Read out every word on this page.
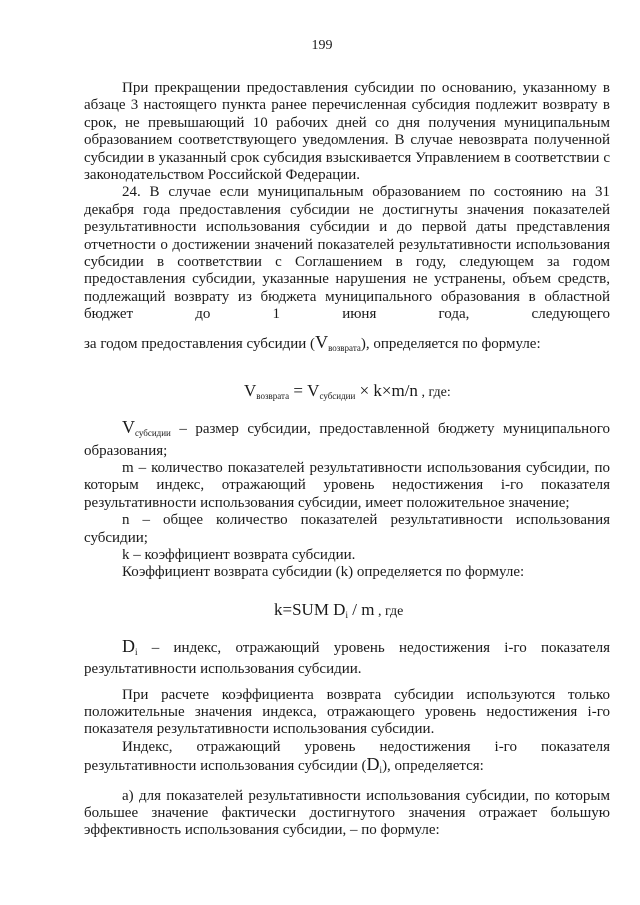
199

При прекращении предоставления субсидии по основанию, указанному в абзаце 3 настоящего пункта ранее перечисленная субсидия подлежит возврату в срок, не превышающий 10 рабочих дней со дня получения муниципальным образованием соответствующего уведомления. В случае невозврата полученной субсидии в указанный срок субсидия взыскивается Управлением в соответствии с законодательством Российской Федерации.

24. В случае если муниципальным образованием по состоянию на 31 декабря года предоставления субсидии не достигнуты значения показателей результативности использования субсидии и до первой даты представления отчетности о достижении значений показателей результативности использования субсидии в соответствии с Соглашением в году, следующем за годом предоставления субсидии, указанные нарушения не устранены, объем средств, подлежащий возврату из бюджета муниципального образования в областной бюджет до 1 июня года, следующего

за годом предоставления субсидии $(V_{возврата})$, определяется по формуле:

$V_{возврата} = V_{субсидии} \times k\times m/n$ , где:

$V_{субсидии}$ – размер субсидии, предоставленной бюджету муниципального образования;

m – количество показателей результативности использования субсидии, по которым индекс, отражающий уровень недостижения i-го показателя результативности использования субсидии, имеет положительное значение;

n – общее количество показателей результативности использования субсидии;

k – коэффициент возврата субсидии.

Коэффициент возврата субсидии (k) определяется по формуле:

k=SUM $D_i$ / m , где

$D_i$ – индекс, отражающий уровень недостижения i-го показателя результативности использования субсидии.

При расчете коэффициента возврата субсидии используются только положительные значения индекса, отражающего уровень недостижения i-го показателя результативности использования субсидии.

Индекс, отражающий уровень недостижения i-го показателя результативности использования субсидии $(D_i)$, определяется:

а) для показателей результативности использования субсидии, по которым большее значение фактически достигнутого значения отражает большую эффективность использования субсидии, – по формуле:
